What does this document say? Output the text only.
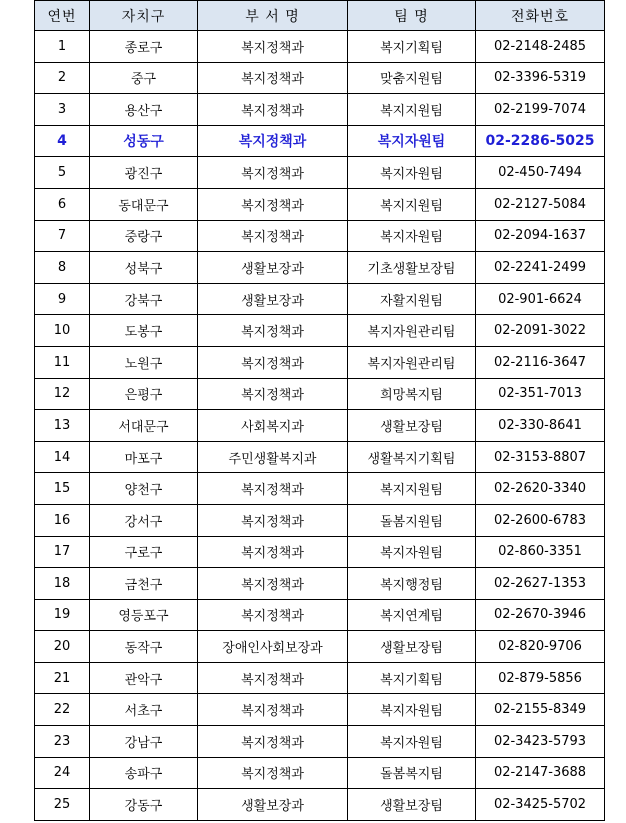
연번	자치구	부 서 명	팀 명	전화번호
1	종로구	복지정책과	복지기획팀	02-2148-2485
2	중구	복지정책과	맞춤지원팀	02-3396-5319
3	용산구	복지정책과	복지지원팀	02-2199-7074
4	성동구	복지정책과	복지자원팀	02-2286-5025
5	광진구	복지정책과	복지자원팀	02-450-7494
6	동대문구	복지정책과	복지지원팀	02-2127-5084
7	중랑구	복지정책과	복지자원팀	02-2094-1637
8	성북구	생활보장과	기초생활보장팀	02-2241-2499
9	강북구	생활보장과	자활지원팀	02-901-6624
10	도봉구	복지정책과	복지자원관리팀	02-2091-3022
11	노원구	복지정책과	복지자원관리팀	02-2116-3647
12	은평구	복지정책과	희망복지팀	02-351-7013
13	서대문구	사회복지과	생활보장팀	02-330-8641
14	마포구	주민생활복지과	생활복지기획팀	02-3153-8807
15	양천구	복지정책과	복지지원팀	02-2620-3340
16	강서구	복지정책과	돌봄지원팀	02-2600-6783
17	구로구	복지정책과	복지자원팀	02-860-3351
18	금천구	복지정책과	복지행정팀	02-2627-1353
19	영등포구	복지정책과	복지연계팀	02-2670-3946
20	동작구	장애인사회보장과	생활보장팀	02-820-9706
21	관악구	복지정책과	복지기획팀	02-879-5856
22	서초구	복지정책과	복지자원팀	02-2155-8349
23	강남구	복지정책과	복지자원팀	02-3423-5793
24	송파구	복지정책과	돌봄복지팀	02-2147-3688
25	강동구	생활보장과	생활보장팀	02-3425-5702
